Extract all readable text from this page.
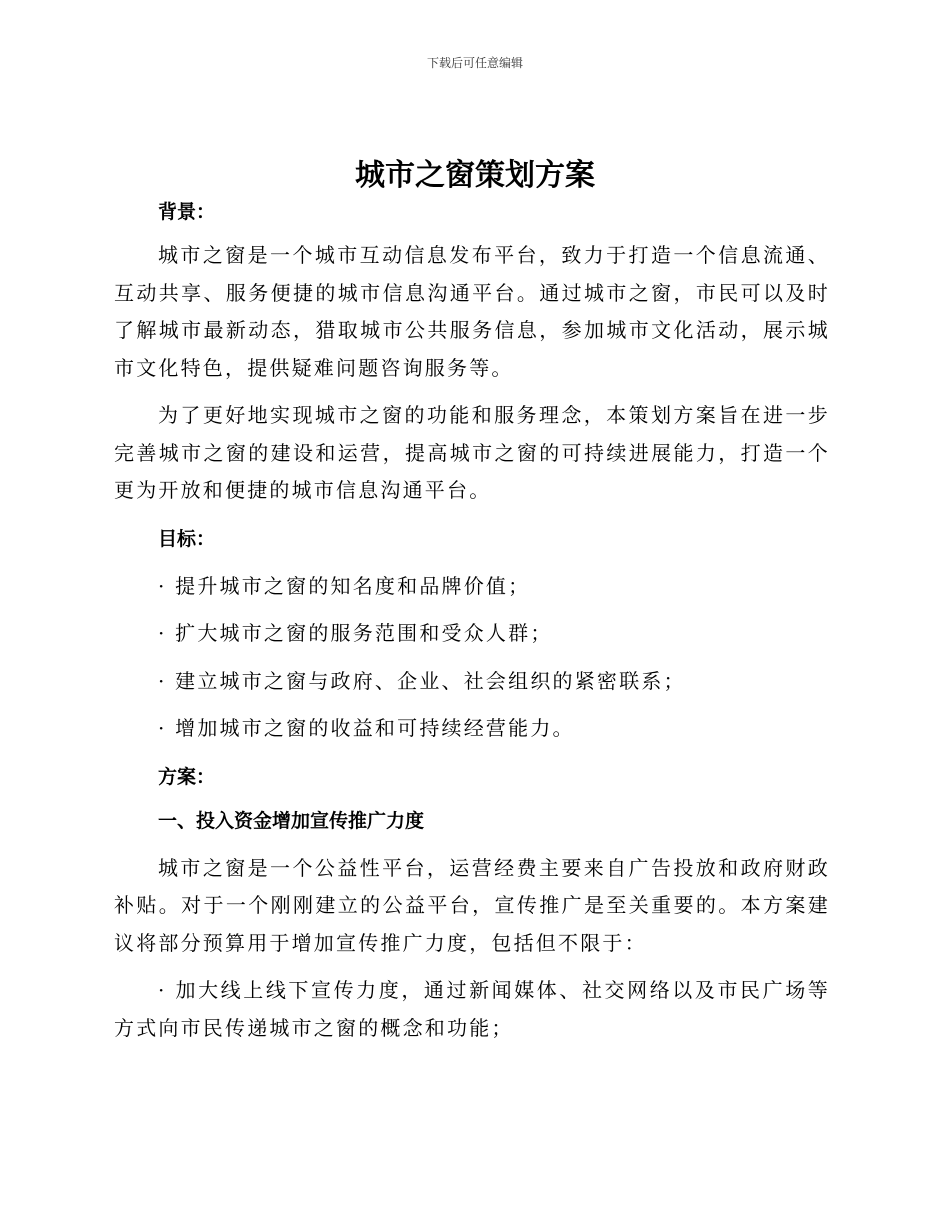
下载后可任意编辑
城市之窗策划方案
背景：

城市之窗是一个城市互动信息发布平台，致力于打造一个信息流通、互动共享、服务便捷的城市信息沟通平台。通过城市之窗，市民可以及时了解城市最新动态，猎取城市公共服务信息，参加城市文化活动，展示城市文化特色，提供疑难问题咨询服务等。

为了更好地实现城市之窗的功能和服务理念，本策划方案旨在进一步完善城市之窗的建设和运营，提高城市之窗的可持续进展能力，打造一个更为开放和便捷的城市信息沟通平台。

目标：

· 提升城市之窗的知名度和品牌价值；

· 扩大城市之窗的服务范围和受众人群；

· 建立城市之窗与政府、企业、社会组织的紧密联系；

· 增加城市之窗的收益和可持续经营能力。

方案：
一、投入资金增加宣传推广力度

城市之窗是一个公益性平台，运营经费主要来自广告投放和政府财政补贴。对于一个刚刚建立的公益平台，宣传推广是至关重要的。本方案建议将部分预算用于增加宣传推广力度，包括但不限于：

· 加大线上线下宣传力度，通过新闻媒体、社交网络以及市民广场等方式向市民传递城市之窗的概念和功能；
